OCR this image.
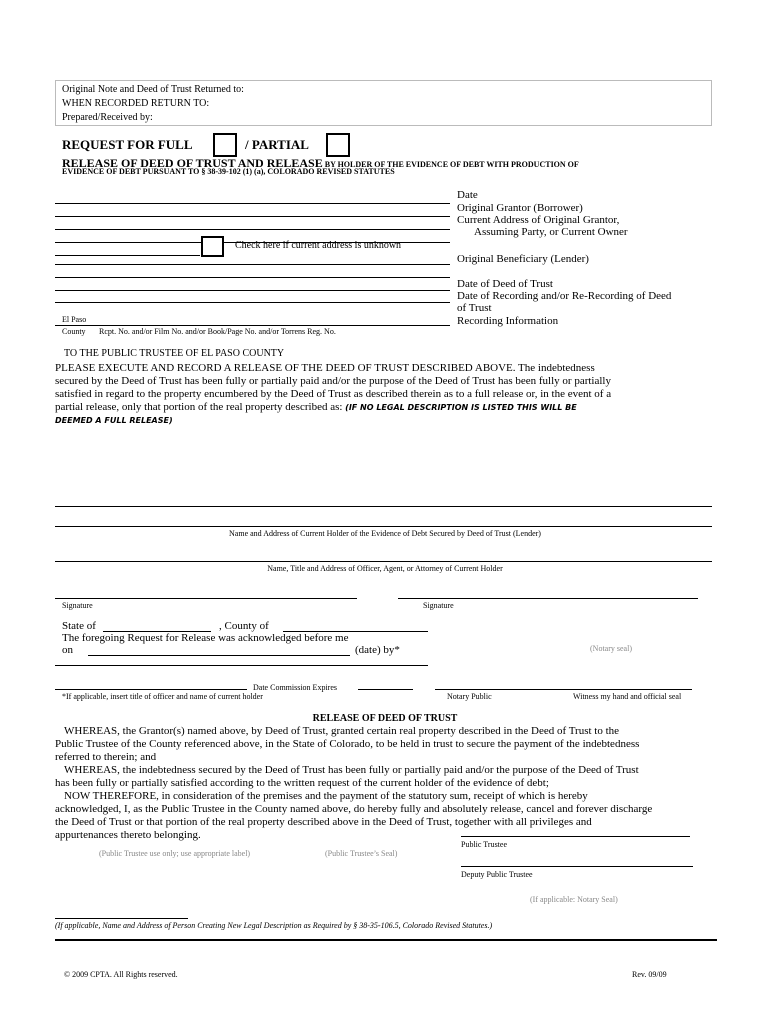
Original Note and Deed of Trust Returned to:
WHEN RECORDED RETURN TO:
Prepared/Received by:
REQUEST FOR FULL	/ PARTIAL
RELEASE OF DEED OF TRUST AND RELEASE BY HOLDER OF THE EVIDENCE OF DEBT WITH PRODUCTION OF
EVIDENCE OF DEBT PURSUANT TO § 38-39-102 (1) (a), COLORADO REVISED STATUTES
Check here if current address is unknown
El Paso
County Rcpt. No. and/or Film No. and/or Book/Page No. and/or Torrens Reg. No.
Date
Original Grantor (Borrower)
Current Address of Original Grantor,
Assuming Party, or Current Owner
Original Beneficiary (Lender)
Date of Deed of Trust
Date of Recording and/or Re-Recording of Deed
of Trust
Recording Information
TO THE PUBLIC TRUSTEE OF EL PASO COUNTY
PLEASE EXECUTE AND RECORD A RELEASE OF THE DEED OF TRUST DESCRIBED ABOVE. The indebtedness
secured by the Deed of Trust has been fully or partially paid and/or the purpose of the Deed of Trust has been fully or partially
satisfied in regard to the property encumbered by the Deed of Trust as described therein as to a full release or, in the event of a
partial release, only that portion of the real property described as: (IF NO LEGAL DESCRIPTION IS LISTED THIS WILL BE
DEEMED A FULL RELEASE)
Name and Address of Current Holder of the Evidence of Debt Secured by Deed of Trust (Lender)
Name, Title and Address of Officer, Agent, or Attorney of Current Holder
Signature	Signature
State of	, County of
The foregoing Request for Release was acknowledged before me
on	(date) by*	(Notary seal)
Date Commission Expires
*If applicable, insert title of officer and name of current holder	Notary Public	Witness my hand and official seal
RELEASE OF DEED OF TRUST
WHEREAS, the Grantor(s) named above, by Deed of Trust, granted certain real property described in the Deed of Trust to the
Public Trustee of the County referenced above, in the State of Colorado, to be held in trust to secure the payment of the indebtedness
referred to therein; and
WHEREAS, the indebtedness secured by the Deed of Trust has been fully or partially paid and/or the purpose of the Deed of Trust
has been fully or partially satisfied according to the written request of the current holder of the evidence of debt;
NOW THEREFORE, in consideration of the premises and the payment of the statutory sum, receipt of which is hereby
acknowledged, I, as the Public Trustee in the County named above, do hereby fully and absolutely release, cancel and forever discharge
the Deed of Trust or that portion of the real property described above in the Deed of Trust, together with all privileges and
appurtenances thereto belonging.
Public Trustee
(Public Trustee use only; use appropriate label)	(Public Trustee’s Seal)
Deputy Public Trustee
(If applicable: Notary Seal)
(If applicable, Name and Address of Person Creating New Legal Description as Required by § 38-35-106.5, Colorado Revised Statutes.)
© 2009 CPTA. All Rights reserved.	Rev. 09/09
